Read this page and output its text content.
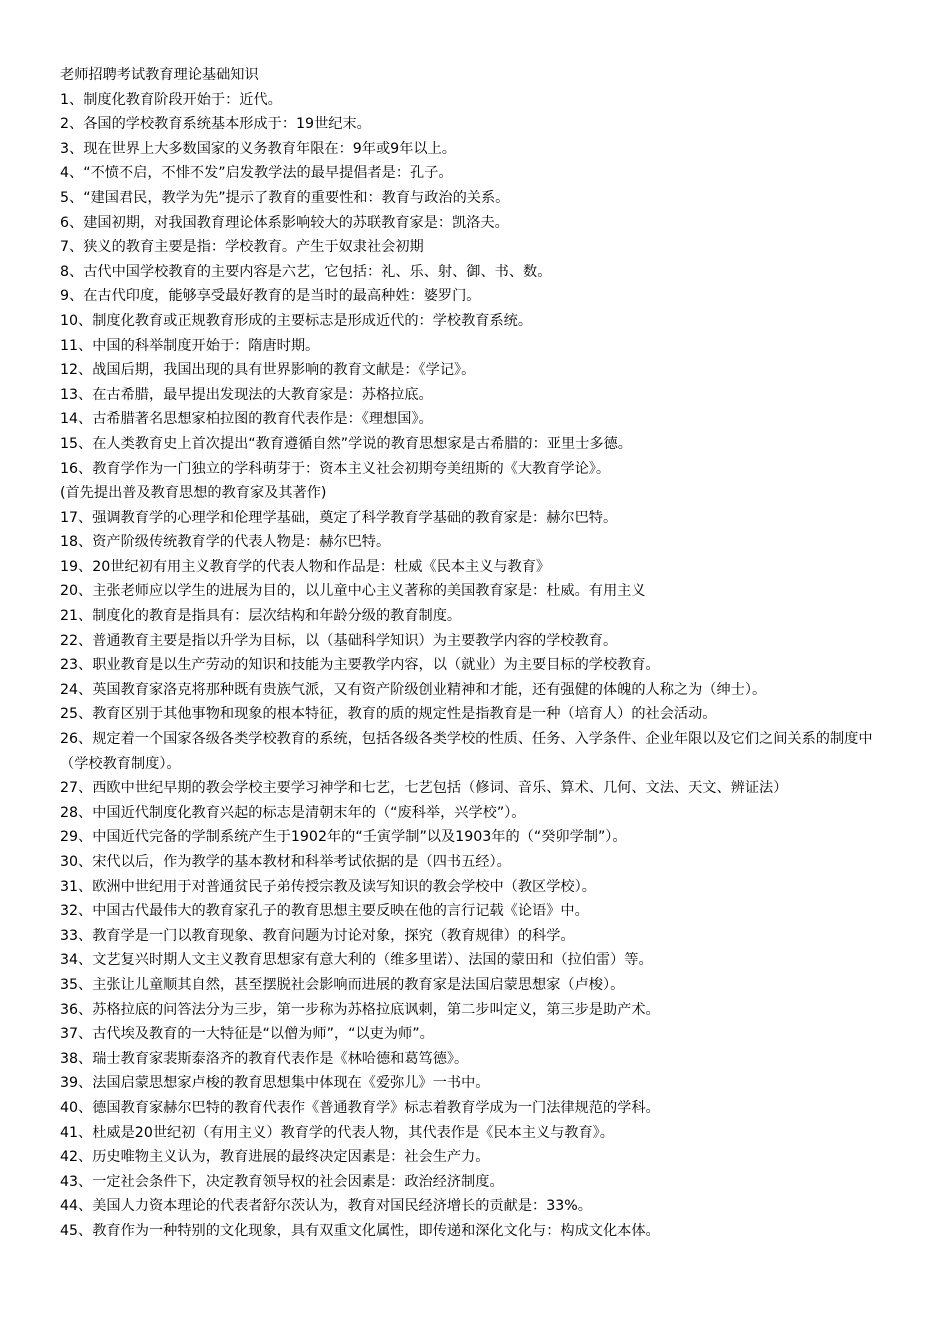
老师招聘考试教育理论基础知识
1、制度化教育阶段开始于：近代。
2、各国的学校教育系统基本形成于：19世纪末。
3、现在世界上大多数国家的义务教育年限在：9年或9年以上。
4、“不愤不启，不悱不发”启发教学法的最早提倡者是：孔子。
5、“建国君民，教学为先”提示了教育的重要性和：教育与政治的关系。
6、建国初期，对我国教育理论体系影响较大的苏联教育家是：凯洛夫。
7、狭义的教育主要是指：学校教育。产生于奴隶社会初期
8、古代中国学校教育的主要内容是六艺，它包括：礼、乐、射、御、书、数。
9、在古代印度，能够享受最好教育的是当时的最高种姓：婆罗门。
10、制度化教育或正规教育形成的主要标志是形成近代的：学校教育系统。
11、中国的科举制度开始于：隋唐时期。
12、战国后期，我国出现的具有世界影响的教育文献是：《学记》。
13、在古希腊，最早提出发现法的大教育家是：苏格拉底。
14、古希腊著名思想家柏拉图的教育代表作是：《理想国》。
15、在人类教育史上首次提出“教育遵循自然”学说的教育思想家是古希腊的：亚里士多德。
16、教育学作为一门独立的学科萌芽于：资本主义社会初期夸美纽斯的《大教育学论》。
(首先提出普及教育思想的教育家及其著作)
17、强调教育学的心理学和伦理学基础，奠定了科学教育学基础的教育家是：赫尔巴特。
18、资产阶级传统教育学的代表人物是：赫尔巴特。
19、20世纪初有用主义教育学的代表人物和作品是：杜威《民本主义与教育》
20、主张老师应以学生的进展为目的，以儿童中心主义著称的美国教育家是：杜威。有用主义
21、制度化的教育是指具有：层次结构和年龄分级的教育制度。
22、普通教育主要是指以升学为目标，以（基础科学知识）为主要教学内容的学校教育。
23、职业教育是以生产劳动的知识和技能为主要教学内容，以（就业）为主要目标的学校教育。
24、英国教育家洛克将那种既有贵族气派，又有资产阶级创业精神和才能，还有强健的体魄的人称之为（绅士）。
25、教育区别于其他事物和现象的根本特征，教育的质的规定性是指教育是一种（培育人）的社会活动。
26、规定着一个国家各级各类学校教育的系统，包括各级各类学校的性质、任务、入学条件、企业年限以及它们之间关系的制度中（学校教育制度）。
27、西欧中世纪早期的教会学校主要学习神学和七艺，七艺包括（修词、音乐、算术、几何、文法、天文、辨证法）
28、中国近代制度化教育兴起的标志是清朝末年的（“废科举，兴学校”）。
29、中国近代完备的学制系统产生于1902年的“壬寅学制”以及1903年的（“癸卯学制”）。
30、宋代以后，作为教学的基本教材和科举考试依据的是（四书五经）。
31、欧洲中世纪用于对普通贫民子弟传授宗教及读写知识的教会学校中（教区学校）。
32、中国古代最伟大的教育家孔子的教育思想主要反映在他的言行记载《论语》中。
33、教育学是一门以教育现象、教育问题为讨论对象，探究（教育规律）的科学。
34、文艺复兴时期人文主义教育思想家有意大利的（维多里诺）、法国的蒙田和（拉伯雷）等。
35、主张让儿童顺其自然，甚至摆脱社会影响而进展的教育家是法国启蒙思想家（卢梭）。
36、苏格拉底的问答法分为三步，第一步称为苏格拉底讽刺，第二步叫定义，第三步是助产术。
37、古代埃及教育的一大特征是“以僧为师”，“以吏为师”。
38、瑞士教育家裴斯泰洛齐的教育代表作是《林哈德和葛笃德》。
39、法国启蒙思想家卢梭的教育思想集中体现在《爱弥儿》一书中。
40、德国教育家赫尔巴特的教育代表作《普通教育学》标志着教育学成为一门法律规范的学科。
41、杜威是20世纪初（有用主义）教育学的代表人物，其代表作是《民本主义与教育》。
42、历史唯物主义认为，教育进展的最终决定因素是：社会生产力。
43、一定社会条件下，决定教育领导权的社会因素是：政治经济制度。
44、美国人力资本理论的代表者舒尔茨认为，教育对国民经济增长的贡献是：33%。
45、教育作为一种特别的文化现象，具有双重文化属性，即传递和深化文化与：构成文化本体。
